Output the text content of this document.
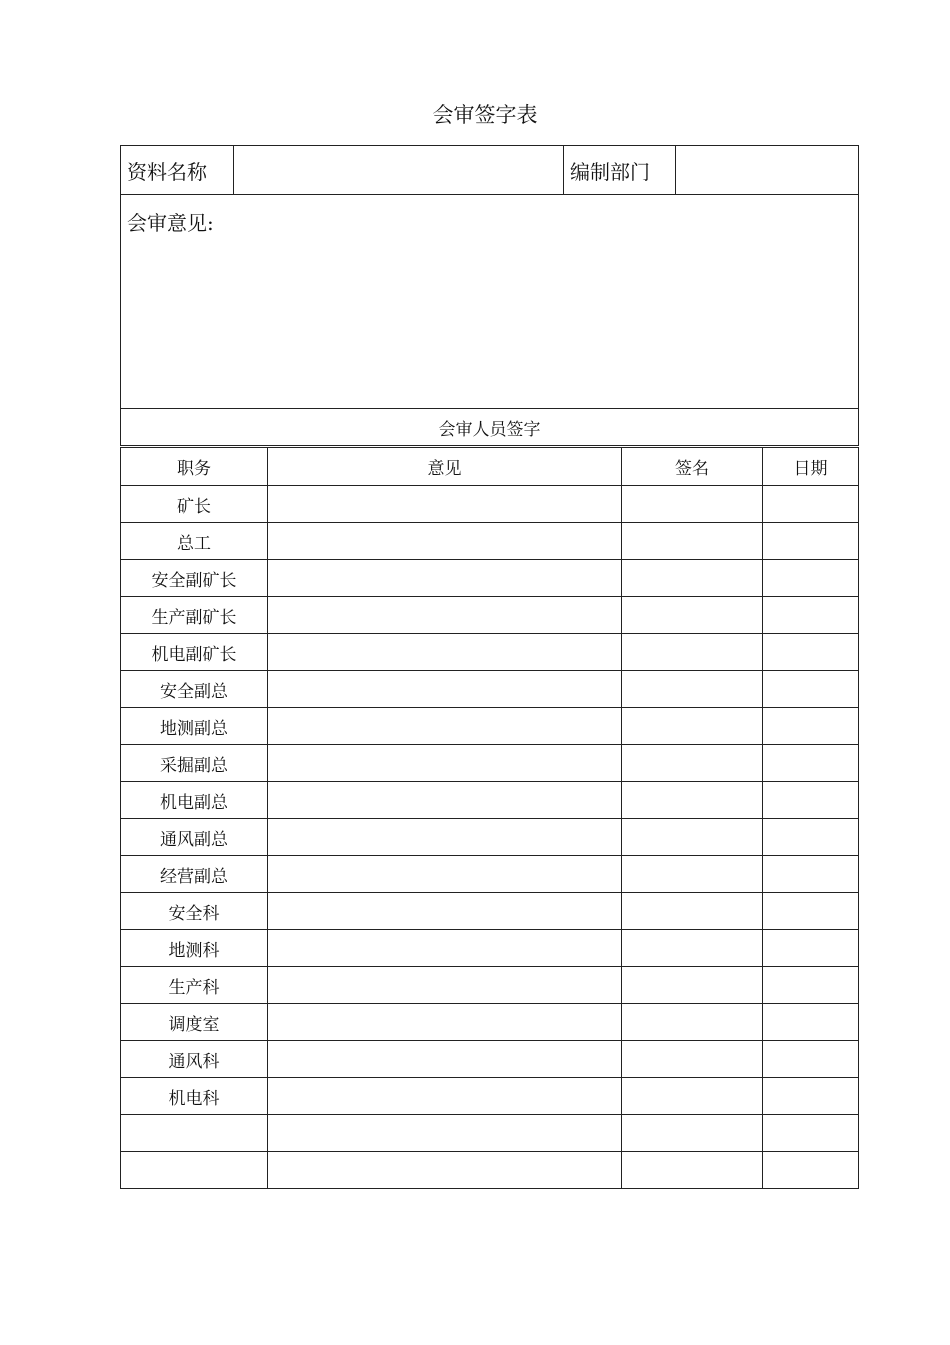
会审签字表
资料名称		编制部门	

会审意见:

会审人员签字
职务	意见	签名	日期
矿长			
总工			
安全副矿长			
生产副矿长			
机电副矿长			
安全副总			
地测副总			
采掘副总			
机电副总			
通风副总			
经营副总			
安全科			
地测科			
生产科			
调度室			
通风科			
机电科			
